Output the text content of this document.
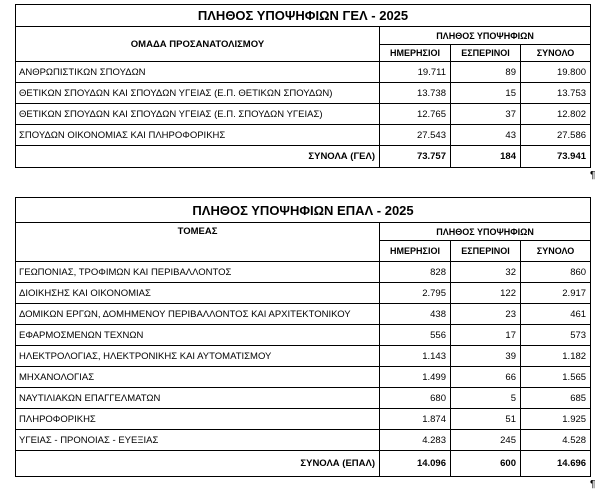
ΠΛΗΘΟΣ ΥΠΟΨΗΦΙΩΝ ΓΕΛ - 2025			
ΟΜΑΔΑ ΠΡΟΣΑΝΑΤΟΛΙΣΜΟΥ	ΠΛΗΘΟΣ ΥΠΟΨΗΦΙΩΝ		
	ΗΜΕΡΗΣΙΟΙ	ΕΣΠΕΡΙΝΟΙ	ΣΥΝΟΛΟ
ΑΝΘΡΩΠΙΣΤΙΚΩΝ ΣΠΟΥΔΩΝ	19.711	89	19.800
ΘΕΤΙΚΩΝ ΣΠΟΥΔΩΝ ΚΑΙ ΣΠΟΥΔΩΝ ΥΓΕΙΑΣ (Ε.Π. ΘΕΤΙΚΩΝ ΣΠΟΥΔΩΝ)	13.738	15	13.753
ΘΕΤΙΚΩΝ ΣΠΟΥΔΩΝ ΚΑΙ ΣΠΟΥΔΩΝ ΥΓΕΙΑΣ (Ε.Π. ΣΠΟΥΔΩΝ ΥΓΕΙΑΣ)	12.765	37	12.802
ΣΠΟΥΔΩΝ ΟΙΚΟΝΟΜΙΑΣ ΚΑΙ ΠΛΗΡΟΦΟΡΙΚΗΣ	27.543	43	27.586
ΣΥΝΟΛΑ (ΓΕΛ)	73.757	184	73.941
¶
ΠΛΗΘΟΣ ΥΠΟΨΗΦΙΩΝ ΕΠΑΛ - 2025			
ΤΟΜΕΑΣ	ΠΛΗΘΟΣ ΥΠΟΨΗΦΙΩΝ		
	ΗΜΕΡΗΣΙΟΙ	ΕΣΠΕΡΙΝΟΙ	ΣΥΝΟΛΟ
ΓΕΩΠΟΝΙΑΣ, ΤΡΟΦΙΜΩΝ ΚΑΙ ΠΕΡΙΒΑΛΛΟΝΤΟΣ	828	32	860
ΔΙΟΙΚΗΣΗΣ ΚΑΙ ΟΙΚΟΝΟΜΙΑΣ	2.795	122	2.917
ΔΟΜΙΚΩΝ ΕΡΓΩΝ, ΔΟΜΗΜΕΝΟΥ ΠΕΡΙΒΑΛΛΟΝΤΟΣ ΚΑΙ ΑΡΧΙΤΕΚΤΟΝΙΚΟΥ	438	23	461
ΕΦΑΡΜΟΣΜΕΝΩΝ ΤΕΧΝΩΝ	556	17	573
ΗΛΕΚΤΡΟΛΟΓΙΑΣ, ΗΛΕΚΤΡΟΝΙΚΗΣ ΚΑΙ ΑΥΤΟΜΑΤΙΣΜΟΥ	1.143	39	1.182
ΜΗΧΑΝΟΛΟΓΙΑΣ	1.499	66	1.565
ΝΑΥΤΙΛΙΑΚΩΝ ΕΠΑΓΓΕΛΜΑΤΩΝ	680	5	685
ΠΛΗΡΟΦΟΡΙΚΗΣ	1.874	51	1.925
ΥΓΕΙΑΣ - ΠΡΟΝΟΙΑΣ - ΕΥΕΞΙΑΣ	4.283	245	4.528
ΣΥΝΟΛΑ (ΕΠΑΛ)	14.096	600	14.696
¶
